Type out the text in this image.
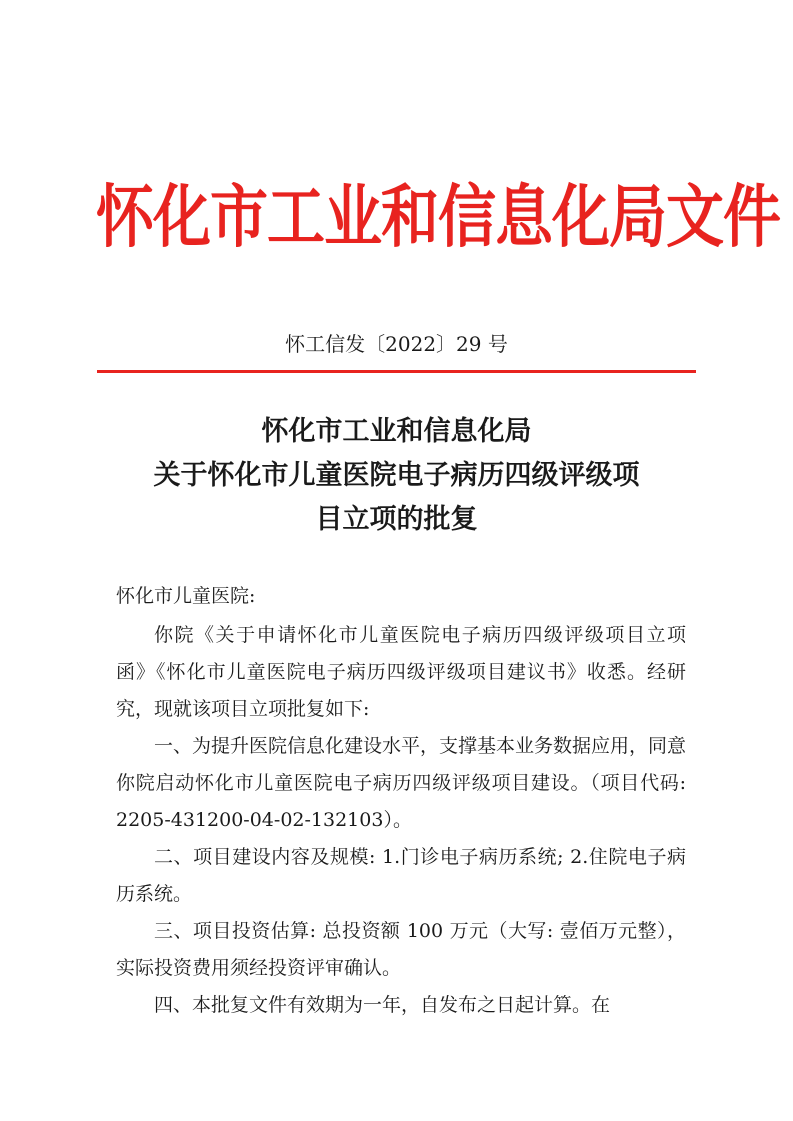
怀化市工业和信息化局文件
怀工信发〔2022〕29 号
怀化市工业和信息化局
关于怀化市儿童医院电子病历四级评级项
目立项的批复

怀化市儿童医院:

你院《关于申请怀化市儿童医院电子病历四级评级项目立项函》《怀化市儿童医院电子病历四级评级项目建议书》收悉。经研究，现就该项目立项批复如下:

一、为提升医院信息化建设水平，支撑基本业务数据应用，同意你院启动怀化市儿童医院电子病历四级评级项目建设。（项目代码: 2205-431200-04-02-132103）。

二、项目建设内容及规模: 1.门诊电子病历系统; 2.住院电子病历系统。

三、项目投资估算: 总投资额 100 万元（大写: 壹佰万元整），实际投资费用须经投资评审确认。

四、本批复文件有效期为一年，自发布之日起计算。在
